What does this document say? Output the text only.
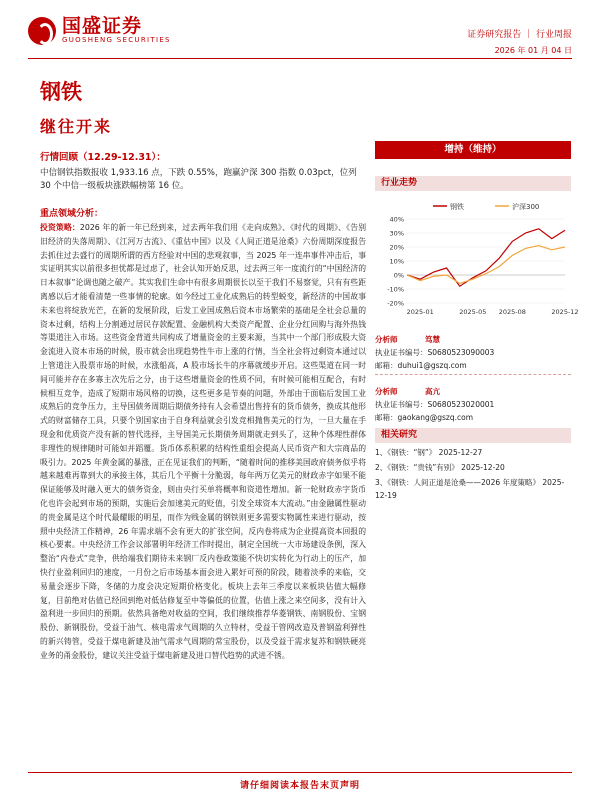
国盛证券
GUOSHENG SECURITIES	证券研究报告 ｜ 行业周报
2026 年 01 月 04 日
钢铁
继往开来
行情回顾（12.29-12.31）：
中信钢铁指数报收 1,933.16 点，下跌 0.55%，跑赢沪深 300 指数 0.03pct，位列 30 个中信一级板块涨跌幅榜第 16 位。
重点领域分析：

投资策略：2026 年的新一年已经到来，过去两年我们用《走向成熟》、《时代的周期》、《告别旧经济的失落周期》、《江河万古流》、《重估中国》以及《人间正道是沧桑》六份周期深度报告去抓住过去盛行的周期所谓的西方经验对中国的悲观叙事，当 2025 年一连串事件冲击后，事实证明其实以前很多担忧都是过虑了，社会认知开始反思，过去两三年一度流行的“中国经济的日本叙事”论调也随之破产。其实我们生命中有很多周期很长以至于我们不易察觉，只有有些距离感以后才能看清楚一些事情的轮廓。如今经过工业化成熟后的转型蜕变，新经济的中国故事未来也将绽放光芒，在新的发展阶段，后发工业国成熟后资本市场繁荣的基础是全社会总量的资本过剩，结构上分割通过居民存款配置、金融机构大类资产配置、企业分红回购与海外热钱等渠道注入市场。这些资金背道共同构成了增量资金的主要来源，当其中一个部门形成股大资金流进入资本市场的时候，股市就会出现趋势性牛市上涨的行情，当全社会将过剩资本通过以上管道注入股票市场的时候，水涨船高，A 股市场长牛的序幕就缓步开启。这些渠道在同一时间可能并存在多寡主次先后之分，由于这些增量资金的性质不同，有时候可能相互配合，有时候相互竞争，造成了短期市场风格的切换，这些更多是节奏的问题，外部由于面临后发国工业成熟后的竞争压力，主导国债务周期后期债务持有人会希望出售持有的货币债务，换成其他形式的财富储存工具，只要个别国家由于自身利益就会引发竞相抛售美元的行为，一旦大量在手现金和优质资产没有新的替代选择，主导国美元长期债务周期就走到头了，这种个体理性群体非理性的规律随时可能如并蹈覆。货币体系积累的结构性重组会提高人民币资产和大宗商品的吸引力。2025 年黄金属的暴涨，正在见证我们的判断，“随着时间的推移美国政府债务似乎将越来越难再靠到大的承接主体，其后几个平衡十分脆弱，每年两万亿美元的财政赤字如果不能保证能够及时融入更大的债务资金，则由央行买单将概率和资道性增加。新一轮财政赤字货币化也许会起到市场的预期，实施后会加速美元的贬值，引发全球资本大流动。”由金融属性驱动的贵金属是这个时代最耀眼的明星，而作为贱金属的钢铁则更多需要实物属性来进行驱动，按照中央经济工作精神，26 年需求端不会有更大的扩张空间，反内卷将成为企业提高资本回报的核心要素。中央经济工作会议部署明年经济工作时提出，制定全国统一大市场建设条例，深入整治“内卷式”竞争，供给端我们期待未来钢厂反内卷政策能不快切实转化为行动上的压产，加快行业盈利回归的速度，一月份之后市场基本面会进入累好可预的阶段，随着淡季的来临，交易量会逐步下降，冬储的力度会决定短期价格变化。板块上去年三季度以来板块估值大幅修复，目前绝对估值已经回到绝对低估修复至中等偏低的位置，估值上涨之来空间多，没有计入盈利进一步回归的预期。依然具备绝对收益的空间，我们继续推荐华菱钢铁、南钢股份、宝钢股份、新钢股份，受益于油气、核电需求气周期的久立特材，受益于管网改造及普钢盈利弹性的新兴铸管，受益于煤电新建及油气需求气周期的常宝股份，以及受益于需求复苏和钢铁硬亮业务的甬金股份，建议关注受益于煤电新建及进口替代趋势的武进不锈。

增持（维持）
行业走势
钢铁	沪深300
40%
30%
20%
10%
0%
-10%
-20%
2025-01	2025-05 2025-08	2025-12
分析师	笃慧
执业证书编号：S0680523090003
邮箱：duhui1@gszq.com
分析师	高亢
执业证书编号：S0680523020001
邮箱：gaokang@gszq.com
相关研究
1、《钢铁：“钢”》 2025-12-27
2、《钢铁：“贵钱”有别》 2025-12-20
3、《钢铁：人间正道是沧桑——2026 年度策略》 2025-12-19
请仔细阅读本报告末页声明
